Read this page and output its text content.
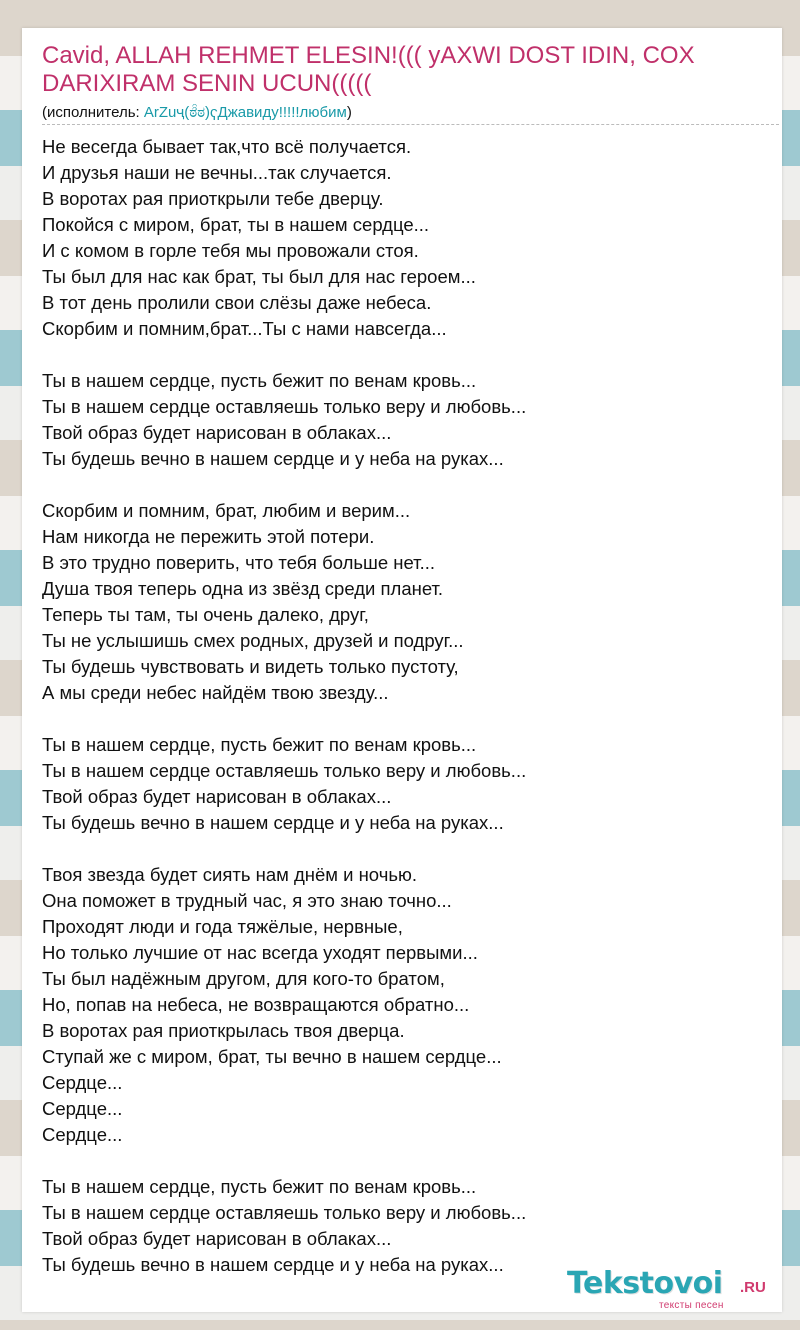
Cavid, ALLAH REHMET ELESIN!((( yAXWI DOST IDIN, COX DARIXIRAM SENIN UCUN(((((
(исполнитель: ArZuҷ(ಠ̑̑ಠ)ҁДжавиду!!!!!любим)
Не весегда бывает так,что всё получается.
И друзья наши не вечны...так случается.
В воротах рая приоткрыли тебе дверцу.
Покойся с миром, брат, ты в нашем сердце...
И с комом в горле тебя мы провожали стоя.
Ты был для нас как брат, ты был для нас героем...
В тот день пролили свои слёзы даже небеса.
Скорбим и помним,брат...Ты с нами навсегда...
Ты в нашем сердце, пусть бежит по венам кровь...
Ты в нашем сердце оставляешь только веру и любовь...
Твой образ будет нарисован в облаках...
Ты будешь вечно в нашем сердце и у неба на руках...
Скорбим и помним, брат, любим и верим...
Нам никогда не пережить этой потери.
В это трудно поверить, что тебя больше нет...
Душа твоя теперь одна из звёзд среди планет.
Теперь ты там, ты очень далеко, друг,
Ты не услышишь смех родных, друзей и подруг...
Ты будешь чувствовать и видеть только пустоту,
А мы среди небес найдём твою звезду...
Ты в нашем сердце, пусть бежит по венам кровь...
Ты в нашем сердце оставляешь только веру и любовь...
Твой образ будет нарисован в облаках...
Ты будешь вечно в нашем сердце и у неба на руках...
Твоя звезда будет сиять нам днём и ночью.
Она поможет в трудный час, я это знаю точно...
Проходят люди и года тяжёлые, нервные,
Но только лучшие от нас всегда уходят первыми...
Ты был надёжным другом, для кого-то братом,
Но, попав на небеса, не возвращаются обратно...
В воротах рая приоткрылась твоя дверца.
Ступай же с миром, брат, ты вечно в нашем сердце...
Сердце...
Сердце...
Сердце...
Ты в нашем сердце, пусть бежит по венам кровь...
Ты в нашем сердце оставляешь только веру и любовь...
Твой образ будет нарисован в облаках...
Ты будешь вечно в нашем сердце и у неба на руках...
Tekstovoi .RU
тексты песен
